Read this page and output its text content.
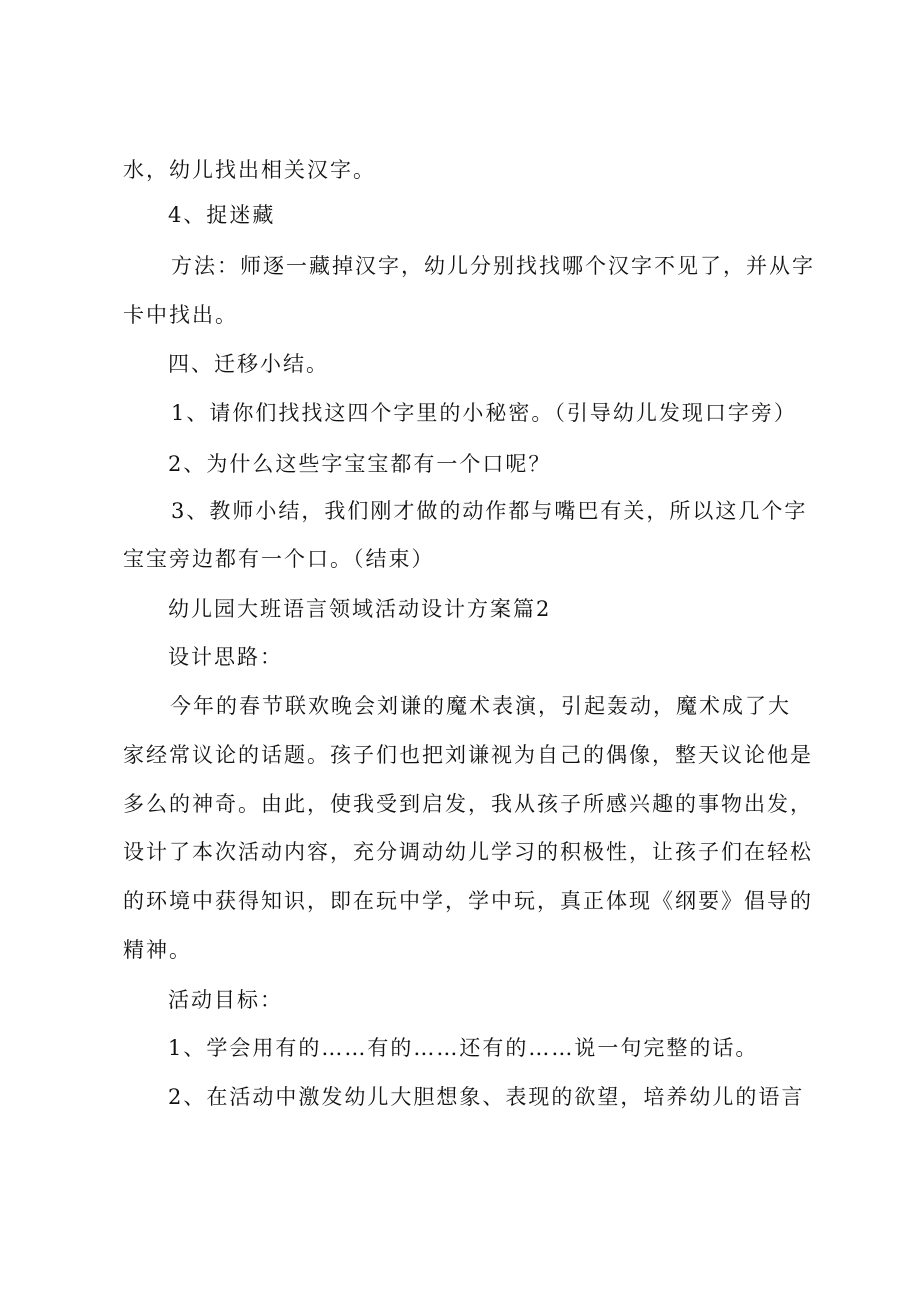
水，幼儿找出相关汉字。
4、捉迷藏
方法：师逐一藏掉汉字，幼儿分别找找哪个汉字不见了，并从字
卡中找出。
四、迁移小结。
1、请你们找找这四个字里的小秘密。（引导幼儿发现口字旁）
2、为什么这些字宝宝都有一个口呢？
3、教师小结，我们刚才做的动作都与嘴巴有关，所以这几个字
宝宝旁边都有一个口。（结束）
幼儿园大班语言领域活动设计方案篇2
设计思路：
今年的春节联欢晚会刘谦的魔术表演，引起轰动，魔术成了大
家经常议论的话题。孩子们也把刘谦视为自己的偶像，整天议论他是
多么的神奇。由此，使我受到启发，我从孩子所感兴趣的事物出发，
设计了本次活动内容，充分调动幼儿学习的积极性，让孩子们在轻松
的环境中获得知识，即在玩中学，学中玩，真正体现《纲要》倡导的
精神。
活动目标：
1、学会用有的……有的……还有的……说一句完整的话。
2、在活动中激发幼儿大胆想象、表现的欲望，培养幼儿的语言
